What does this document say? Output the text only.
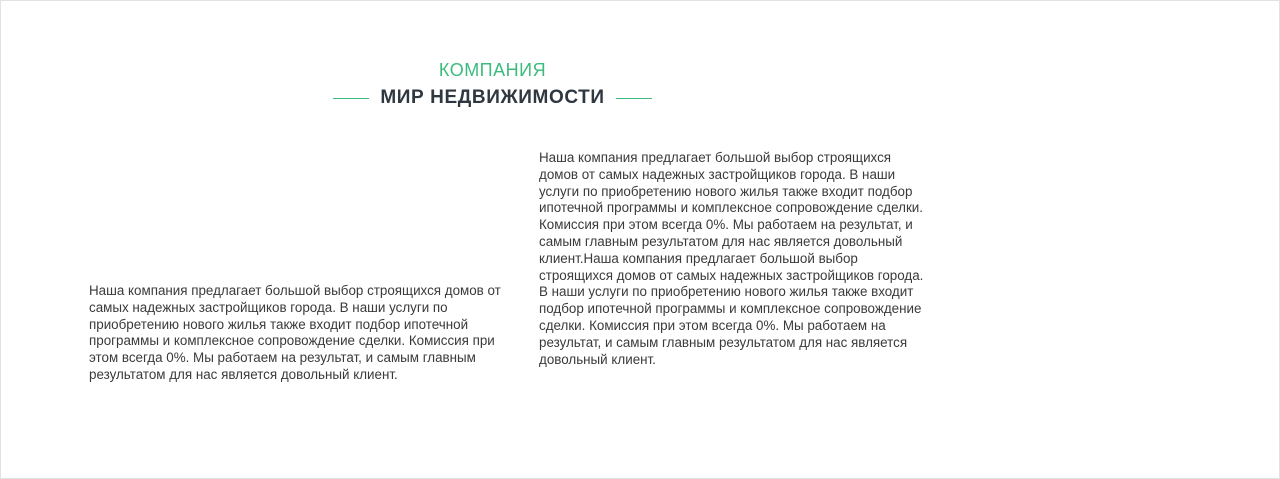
КОМПАНИЯ
МИР НЕДВИЖИМОСТИ

Наша компания предлагает большой выбор строящихся домов от самых надежных застройщиков города. В наши услуги по приобретению нового жилья также входит подбор ипотечной программы и комплексное сопровождение сделки. Комиссия при этом всегда 0%. Мы работаем на результат, и самым главным результатом для нас является довольный клиент.

Наша компания предлагает большой выбор строящихся домов от самых надежных застройщиков города. В наши услуги по приобретению нового жилья также входит подбор ипотечной программы и комплексное сопровождение сделки. Комиссия при этом всегда 0%. Мы работаем на результат, и самым главным результатом для нас является довольный клиент.Наша компания предлагает большой выбор строящихся домов от самых надежных застройщиков города. В наши услуги по приобретению нового жилья также входит подбор ипотечной программы и комплексное сопровождение сделки. Комиссия при этом всегда 0%. Мы работаем на результат, и самым главным результатом для нас является довольный клиент.
